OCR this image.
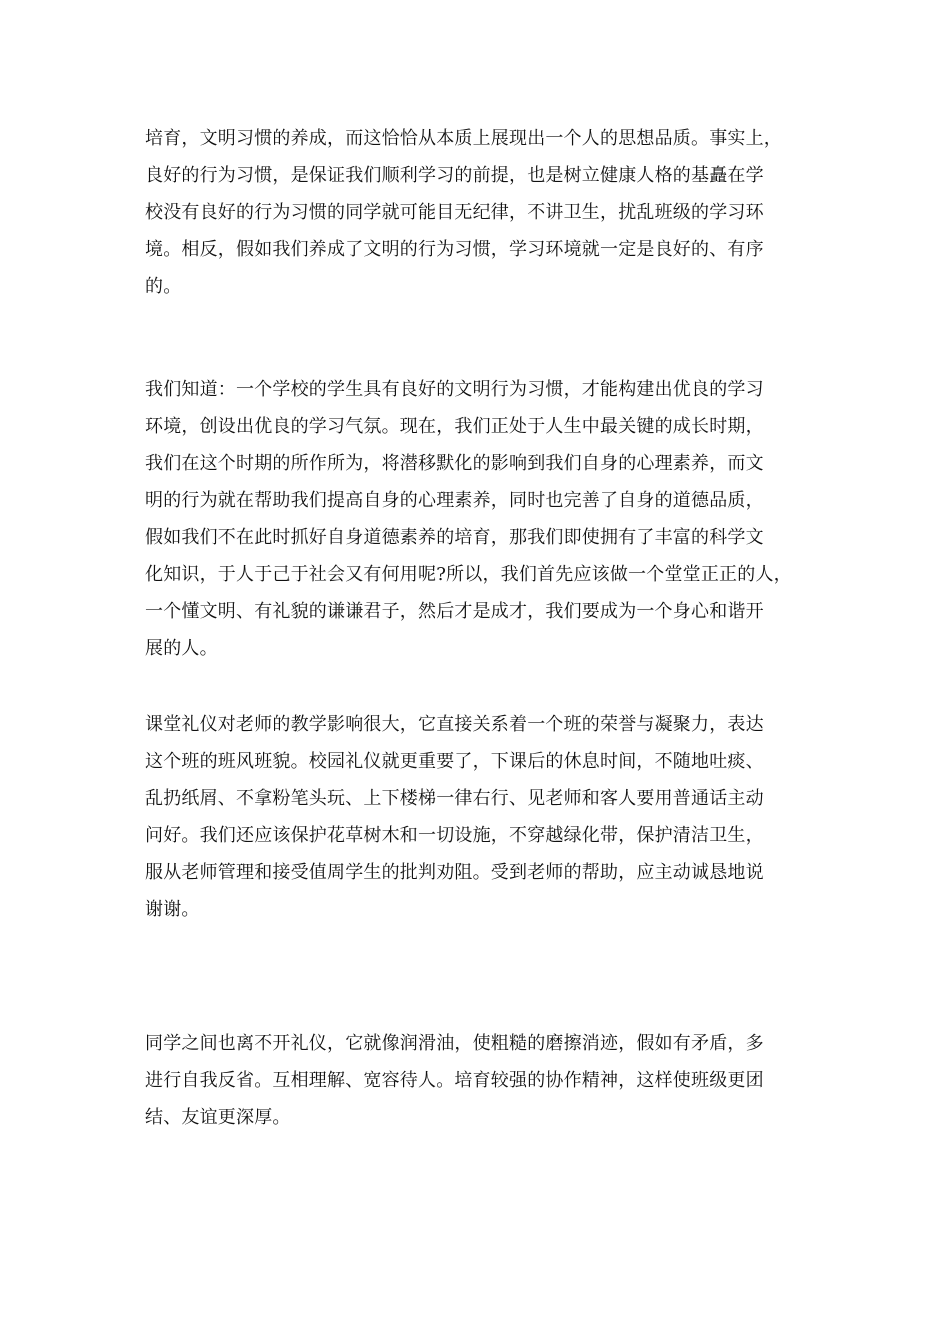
培育，文明习惯的养成，而这恰恰从本质上展现出一个人的思想品质。事实上，
良好的行为习惯，是保证我们顺利学习的前提，也是树立健康人格的基矗在学
校没有良好的行为习惯的同学就可能目无纪律，不讲卫生，扰乱班级的学习环
境。相反，假如我们养成了文明的行为习惯，学习环境就一定是良好的、有序
的。

我们知道：一个学校的学生具有良好的文明行为习惯，才能构建出优良的学习
环境，创设出优良的学习气氛。现在，我们正处于人生中最关键的成长时期，
我们在这个时期的所作所为，将潜移默化的影响到我们自身的心理素养，而文
明的行为就在帮助我们提高自身的心理素养，同时也完善了自身的道德品质，
假如我们不在此时抓好自身道德素养的培育，那我们即使拥有了丰富的科学文
化知识，于人于己于社会又有何用呢?所以，我们首先应该做一个堂堂正正的人，
一个懂文明、有礼貌的谦谦君子，然后才是成才，我们要成为一个身心和谐开
展的人。

课堂礼仪对老师的教学影响很大，它直接关系着一个班的荣誉与凝聚力，表达
这个班的班风班貌。校园礼仪就更重要了，下课后的休息时间，不随地吐痰、
乱扔纸屑、不拿粉笔头玩、上下楼梯一律右行、见老师和客人要用普通话主动
问好。我们还应该保护花草树木和一切设施，不穿越绿化带，保护清洁卫生，
服从老师管理和接受值周学生的批判劝阻。受到老师的帮助，应主动诚恳地说
谢谢。

同学之间也离不开礼仪，它就像润滑油，使粗糙的磨擦消迹，假如有矛盾，多
进行自我反省。互相理解、宽容待人。培育较强的协作精神，这样使班级更团
结、友谊更深厚。
